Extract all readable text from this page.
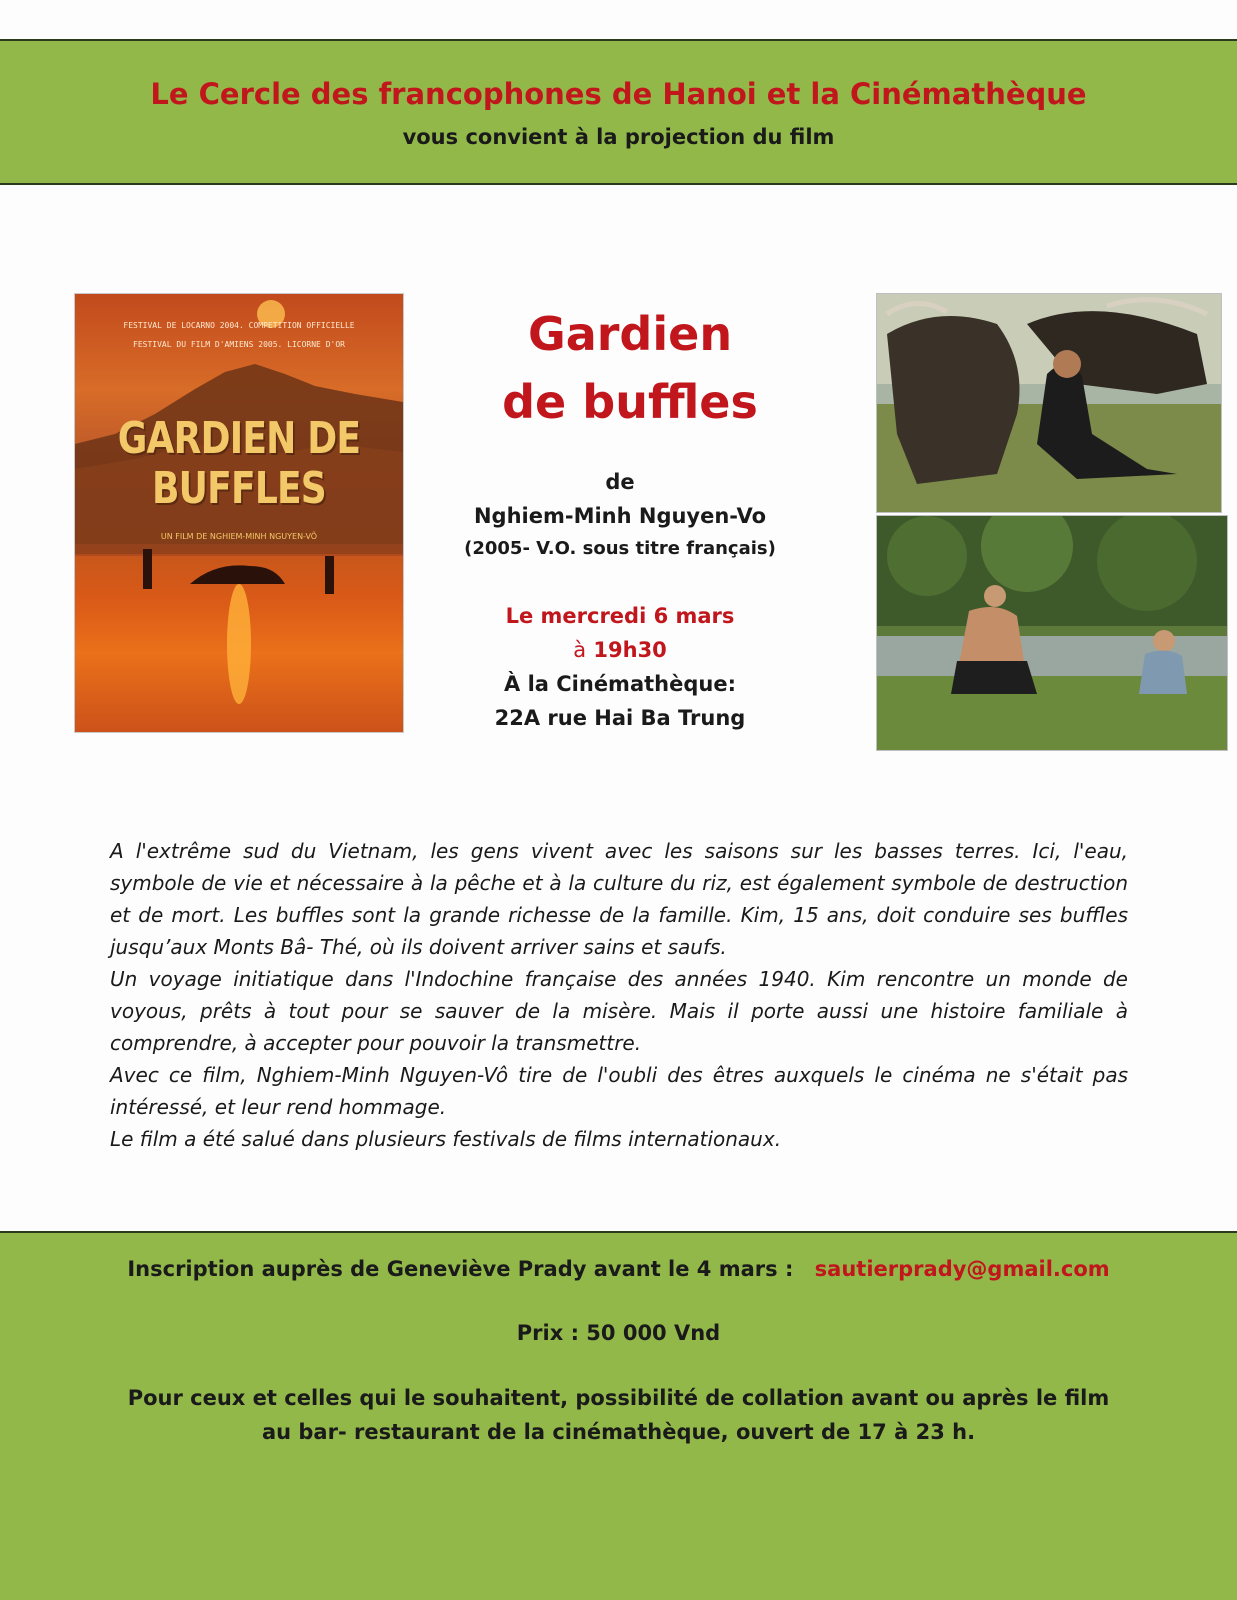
Le Cercle des francophones de Hanoi et la Cinémathèque
vous convient à la projection du film
FESTIVAL DE LOCARNO 2004. COMPETITION OFFICIELLE
FESTIVAL DU FILM D'AMIENS 2005. LICORNE D'OR
GARDIEN DE
BUFFLES
UN FILM DE NGHIEM-MINH NGUYEN-VÕ
Gardien
de buffles
de
Nghiem-Minh Nguyen-Vo
(2005- V.O. sous titre français)
Le mercredi 6 mars
à 19h30
À la Cinémathèque:
22A rue Hai Ba Trung

A l'extrême sud du Vietnam, les gens vivent avec les saisons sur les basses terres. Ici, l'eau, symbole de vie et nécessaire à la pêche et à la culture du riz, est également symbole de destruction et de mort. Les buffles sont la grande richesse de la famille. Kim, 15 ans, doit conduire ses buffles jusqu’aux Monts Bâ- Thé, où ils doivent arriver sains et saufs.

Un voyage initiatique dans l'Indochine française des années 1940. Kim rencontre un monde de voyous, prêts à tout pour se sauver de la misère. Mais il porte aussi une histoire familiale à comprendre, à accepter pour pouvoir la transmettre.

Avec ce film, Nghiem-Minh Nguyen-Vô tire de l'oubli des êtres auxquels le cinéma ne s'était pas intéressé, et leur rend hommage.

Le film a été salué dans plusieurs festivals de films internationaux.

Inscription auprès de Geneviève Prady avant le 4 mars : sautierprady@gmail.com
Prix : 50 000 Vnd
Pour ceux et celles qui le souhaitent, possibilité de collation avant ou après le film au bar- restaurant de la cinémathèque, ouvert de 17 à 23 h.
